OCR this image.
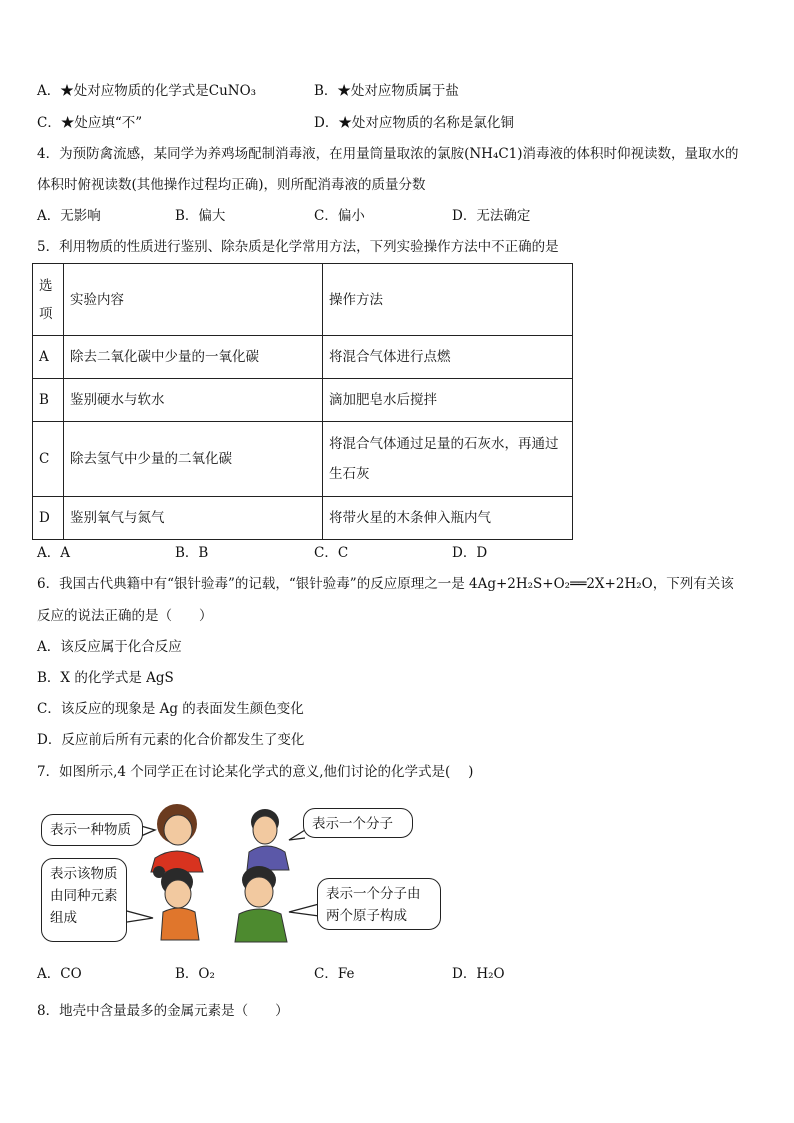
A．★处对应物质的化学式是CuNO₃	B．★处对应物质属于盐
C．★处应填“不”	D．★处对应物质的名称是氯化铜
4．为预防禽流感，某同学为养鸡场配制消毒液，在用量筒量取浓的氯胺(NH₄C1)消毒液的体积时仰视读数，量取水的
体积时俯视读数(其他操作过程均正确)，则所配消毒液的质量分数
A．无影响	B．偏大	C．偏小	D．无法确定
5．利用物质的性质进行鉴别、除杂质是化学常用方法，下列实验操作方法中不正确的是
选项	实验内容	操作方法
A	除去二氧化碳中少量的一氧化碳	将混合气体进行点燃
B	鉴别硬水与软水	滴加肥皂水后搅拌
C	除去氢气中少量的二氧化碳	将混合气体通过足量的石灰水，再通过生石灰
D	鉴别氧气与氮气	将带火星的木条伸入瓶内气
A．A	B．B	C．C	D．D
6．我国古代典籍中有“银针验毒”的记载，“银针验毒”的反应原理之一是 4Ag+2H₂S+O₂══2X+2H₂O，下列有关该
反应的说法正确的是（　　）
A．该反应属于化合反应
B．X 的化学式是 AgS
C．该反应的现象是 Ag 的表面发生颜色变化
D．反应前后所有元素的化合价都发生了变化
7．如图所示,4 个同学正在讨论某化学式的意义,他们讨论的化学式是(　 )
表示一种物质	表示一个分子
表示该物质由同种元素组成
表示一个分子由两个原子构成
A．CO	B．O₂	C．Fe	D．H₂O
8．地壳中含量最多的金属元素是（　　）
